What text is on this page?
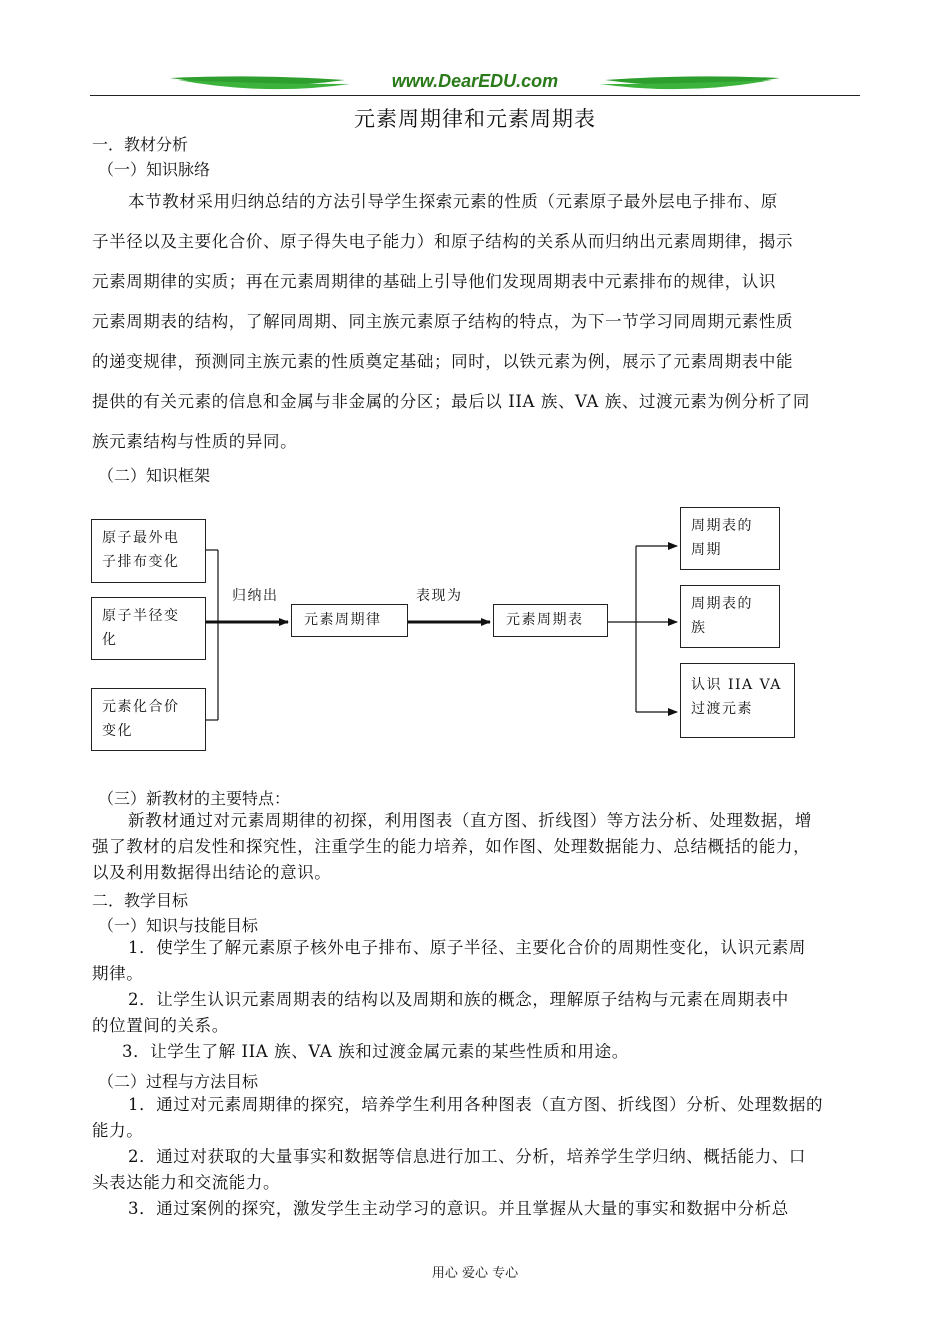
www.DearEDU.com
元素周期律和元素周期表
一．教材分析
（一）知识脉络
本节教材采用归纳总结的方法引导学生探索元素的性质（元素原子最外层电子排布、原
子半径以及主要化合价、原子得失电子能力）和原子结构的关系从而归纳出元素周期律，揭示
元素周期律的实质；再在元素周期律的基础上引导他们发现周期表中元素排布的规律，认识
元素周期表的结构，了解同周期、同主族元素原子结构的特点，为下一节学习同周期元素性质
的递变规律，预测同主族元素的性质奠定基础；同时，以铁元素为例，展示了元素周期表中能
提供的有关元素的信息和金属与非金属的分区；最后以 IIA 族、VA 族、过渡元素为例分析了同
族元素结构与性质的异同。
（二）知识框架
原子最外电
子排布变化
原子半径变
化
元素化合价
变化
归纳出
元素周期律
表现为
元素周期表
周期表的
周期
周期表的
族
认识 IIA VA
过渡元素
（三）新教材的主要特点：
新教材通过对元素周期律的初探，利用图表（直方图、折线图）等方法分析、处理数据，增
强了教材的启发性和探究性，注重学生的能力培养，如作图、处理数据能力、总结概括的能力，
以及利用数据得出结论的意识。
二．教学目标
（一）知识与技能目标
1．使学生了解元素原子核外电子排布、原子半径、主要化合价的周期性变化，认识元素周
期律。
2．让学生认识元素周期表的结构以及周期和族的概念，理解原子结构与元素在周期表中
的位置间的关系。
3．让学生了解 IIA 族、VA 族和过渡金属元素的某些性质和用途。
（二）过程与方法目标
1．通过对元素周期律的探究，培养学生利用各种图表（直方图、折线图）分析、处理数据的
能力。
2．通过对获取的大量事实和数据等信息进行加工、分析，培养学生学归纳、概括能力、口
头表达能力和交流能力。
3．通过案例的探究，激发学生主动学习的意识。并且掌握从大量的事实和数据中分析总
用心 爱心 专心
